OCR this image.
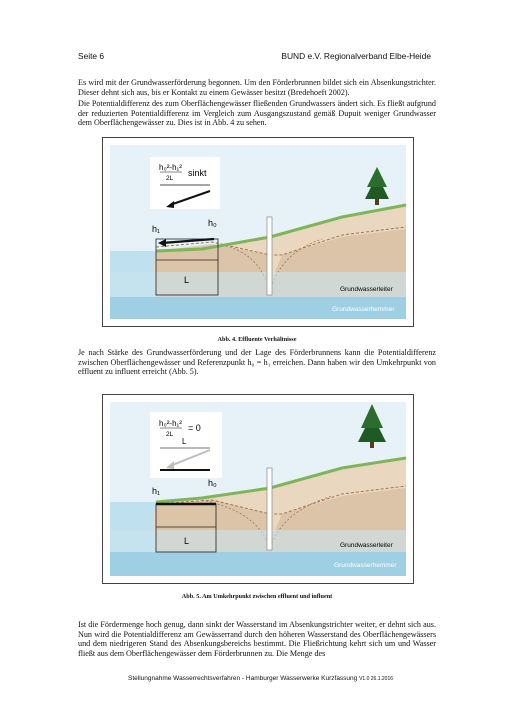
Seite 6	BUND e.V. Regionalverband Elbe-Heide

Es wird mit der Grundwasserförderung begonnen. Um den Förderbrunnen bildet sich ein Absenkungstrichter. Dieser dehnt sich aus, bis er Kontakt zu einem Gewässer besitzt (Bredehoeft 2002).

Die Potentialdifferenz des zum Oberflächengewässer fließenden Grundwassers ändert sich. Es fließt aufgrund der reduzierten Potentialdifferenz im Vergleich zum Ausgangszustand gemäß Dupuit weniger Grundwasser dem Oberflächengewässer zu. Dies ist in Abb. 4 zu sehen.

h₀²-h₁²
2L
sinkt
h₁
h₀
L
Grundwasserleiter
Grundwasserhemmer
Abb. 4. Effluente Verhältnisse

Je nach Stärke des Grundwasserförderung und der Lage des Förderbrunnens kann die Potentialdifferenz zwischen Oberflächengewässer und Referenzpunkt h₀ = h₁ erreichen. Dann haben wir den Umkehrpunkt von effluent zu influent erreicht (Abb. 5).

h₀²-h₁²
2L
= 0
L
h₁
h₀
L	Grundwasserleiter
Grundwasserhemmer
Abb. 5. Am Umkehrpunkt zwischen effluent und influent

Ist die Fördermenge hoch genug, dann sinkt der Wasserstand im Absenkungstrichter weiter, er dehnt sich aus. Nun wird die Potentialdifferenz am Gewässerrand durch den höheren Wasserstand des Oberflächengewässers und dem niedrigeren Stand des Absenkungsbereichs bestimmt. Die Fließrichtung kehrt sich um und Wasser fließt aus dem Oberflächengewässer dem Förderbrunnen zu. Die Menge des

Stellungnahme Wasserrechtsverfahren - Hamburger Wasserwerke Kurzfassung V1.0 26.1.2016
